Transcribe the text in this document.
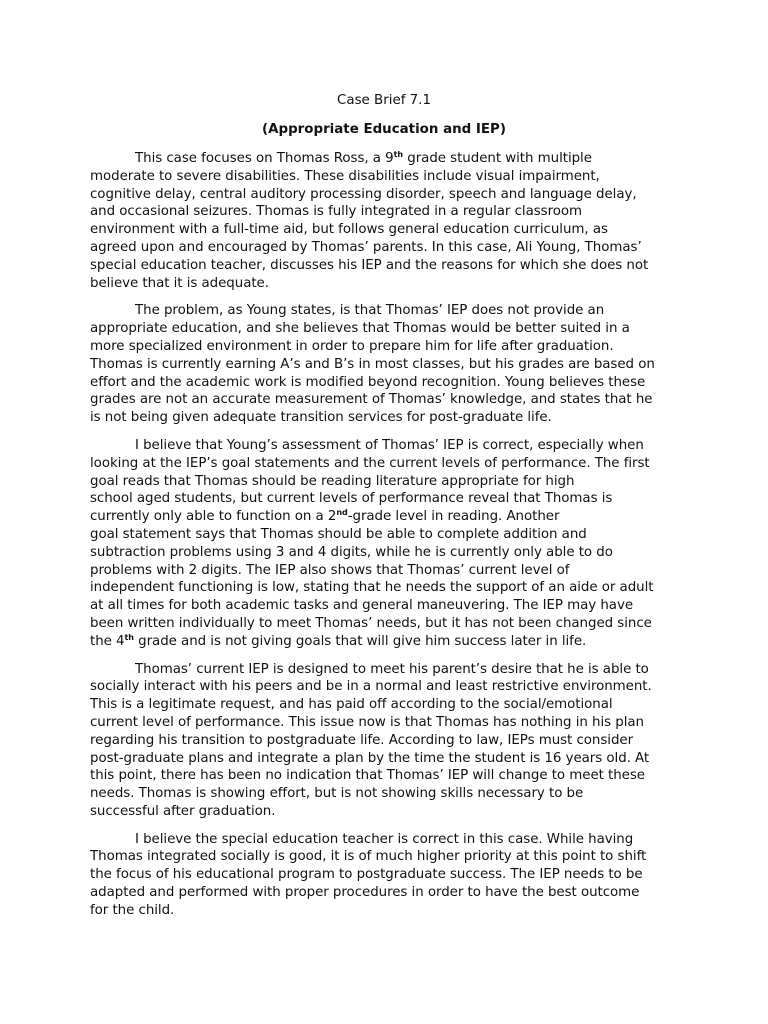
Case Brief 7.1
(Appropriate Education and IEP)

This case focuses on Thomas Ross, a 9th grade student with multiple
moderate to severe disabilities. These disabilities include visual impairment,
cognitive delay, central auditory processing disorder, speech and language delay,
and occasional seizures. Thomas is fully integrated in a regular classroom
environment with a full-time aid, but follows general education curriculum, as
agreed upon and encouraged by Thomas’ parents. In this case, Ali Young, Thomas’
special education teacher, discusses his IEP and the reasons for which she does not
believe that it is adequate.

The problem, as Young states, is that Thomas’ IEP does not provide an
appropriate education, and she believes that Thomas would be better suited in a
more specialized environment in order to prepare him for life after graduation.
Thomas is currently earning A’s and B’s in most classes, but his grades are based on
effort and the academic work is modified beyond recognition. Young believes these
grades are not an accurate measurement of Thomas’ knowledge, and states that he
is not being given adequate transition services for post-graduate life.

I believe that Young’s assessment of Thomas’ IEP is correct, especially when
looking at the IEP’s goal statements and the current levels of performance. The first
goal reads that Thomas should be reading literature appropriate for high
school aged students, but current levels of performance reveal that Thomas is
currently only able to function on a 2nd-grade level in reading. Another
goal statement says that Thomas should be able to complete addition and
subtraction problems using 3 and 4 digits, while he is currently only able to do
problems with 2 digits. The IEP also shows that Thomas’ current level of
independent functioning is low, stating that he needs the support of an aide or adult
at all times for both academic tasks and general maneuvering. The IEP may have
been written individually to meet Thomas’ needs, but it has not been changed since
the 4th grade and is not giving goals that will give him success later in life.

Thomas’ current IEP is designed to meet his parent’s desire that he is able to
socially interact with his peers and be in a normal and least restrictive environment.
This is a legitimate request, and has paid off according to the social/emotional
current level of performance. This issue now is that Thomas has nothing in his plan
regarding his transition to postgraduate life. According to law, IEPs must consider
post-graduate plans and integrate a plan by the time the student is 16 years old. At
this point, there has been no indication that Thomas’ IEP will change to meet these
needs. Thomas is showing effort, but is not showing skills necessary to be
successful after graduation.

I believe the special education teacher is correct in this case. While having
Thomas integrated socially is good, it is of much higher priority at this point to shift
the focus of his educational program to postgraduate success. The IEP needs to be
adapted and performed with proper procedures in order to have the best outcome
for the child.
